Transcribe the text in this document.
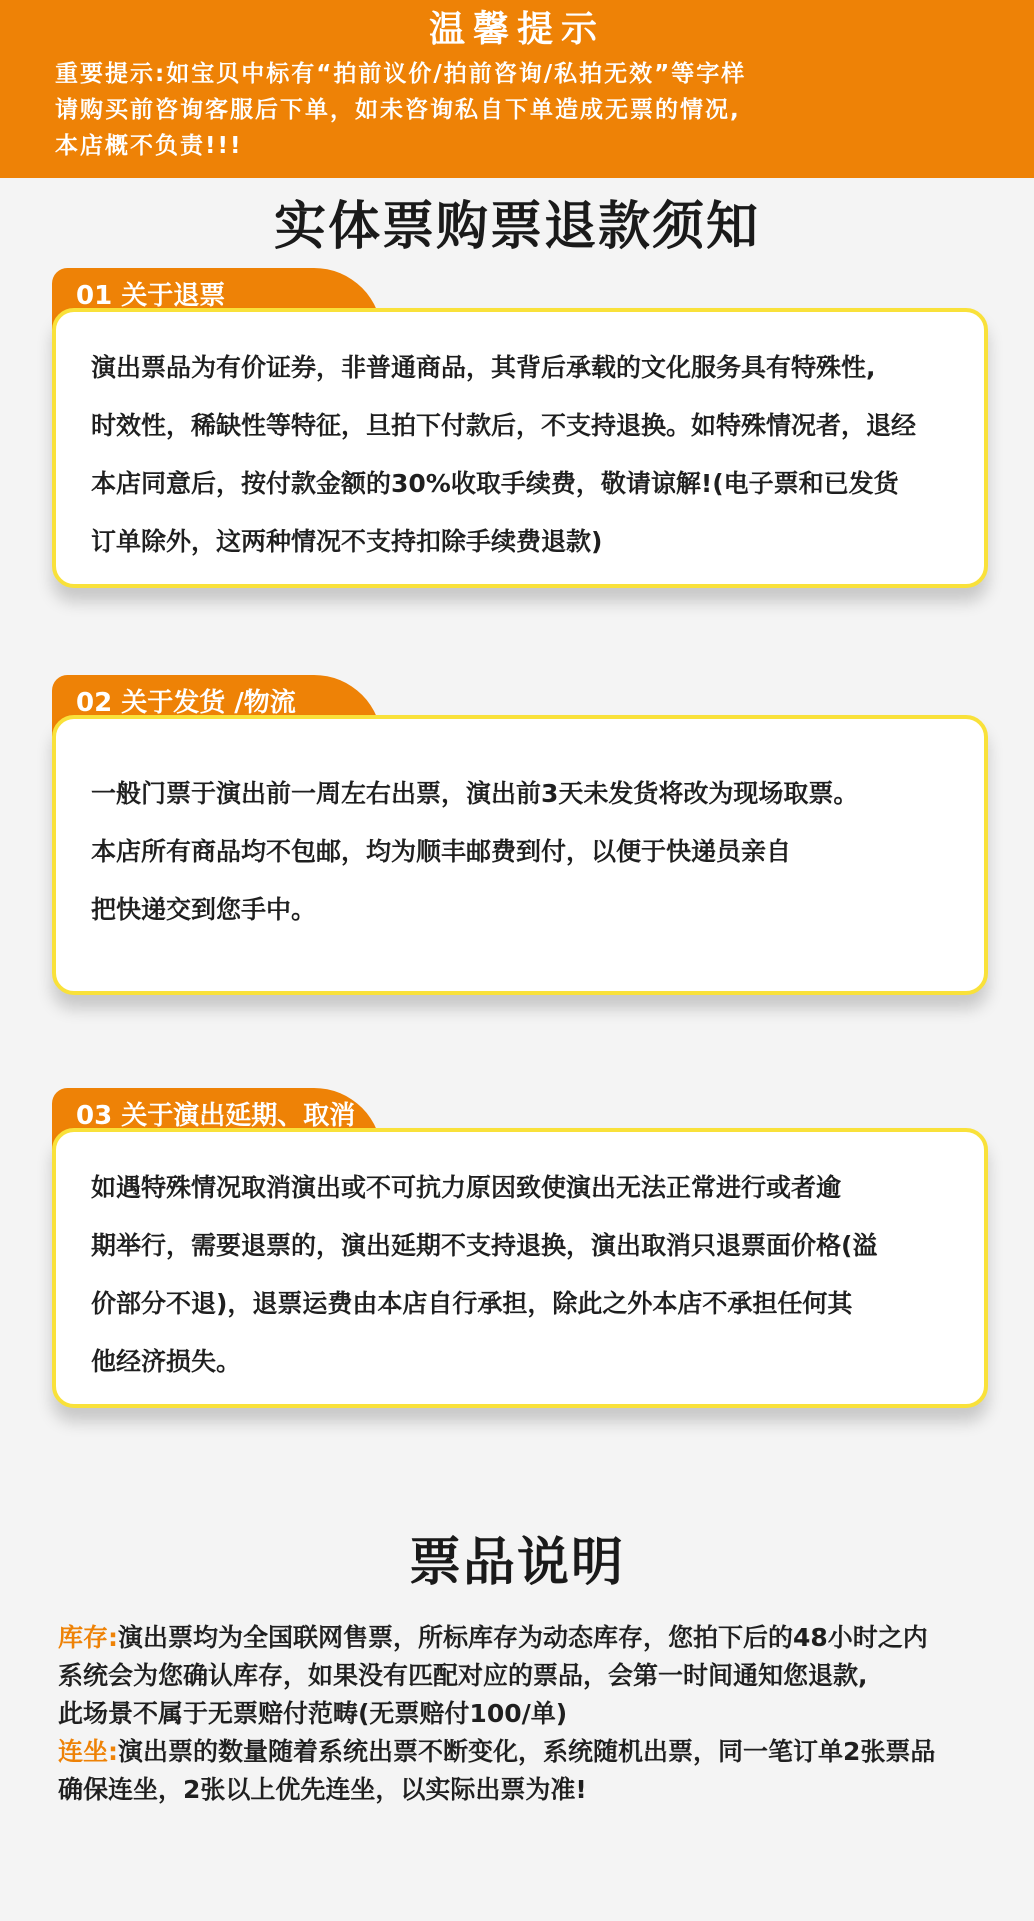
温馨提示
重要提示:如宝贝中标有“拍前议价/拍前咨询/私拍无效”等字样
请购买前咨询客服后下单，如未咨询私自下单造成无票的情况,
本店概不负责!!!
实体票购票退款须知
演出票品为有价证券，非普通商品，其背后承载的文化服务具有特殊性,
时效性，稀缺性等特征，旦拍下付款后，不支持退换。如特殊情况者，退经
本店同意后，按付款金额的30%收取手续费，敬请谅解!(电子票和已发货
订单除外，这两种情况不支持扣除手续费退款)
01 关于退票
一般门票于演出前一周左右出票，演出前3天未发货将改为现场取票。
本店所有商品均不包邮，均为顺丰邮费到付，以便于快递员亲自
把快递交到您手中。
02 关于发货 /物流
如遇特殊情况取消演出或不可抗力原因致使演出无法正常进行或者逾
期举行，需要退票的，演出延期不支持退换，演出取消只退票面价格(溢
价部分不退)，退票运费由本店自行承担，除此之外本店不承担任何其
他经济损失。
03 关于演出延期、取消
票品说明
库存:演出票均为全国联网售票，所标库存为动态库存，您拍下后的48小时之内
系统会为您确认库存，如果没有匹配对应的票品，会第一时间通知您退款,
此场景不属于无票赔付范畴(无票赔付100/单)
连坐:演出票的数量随着系统出票不断变化，系统随机出票，同一笔订单2张票品
确保连坐，2张以上优先连坐，以实际出票为准!
